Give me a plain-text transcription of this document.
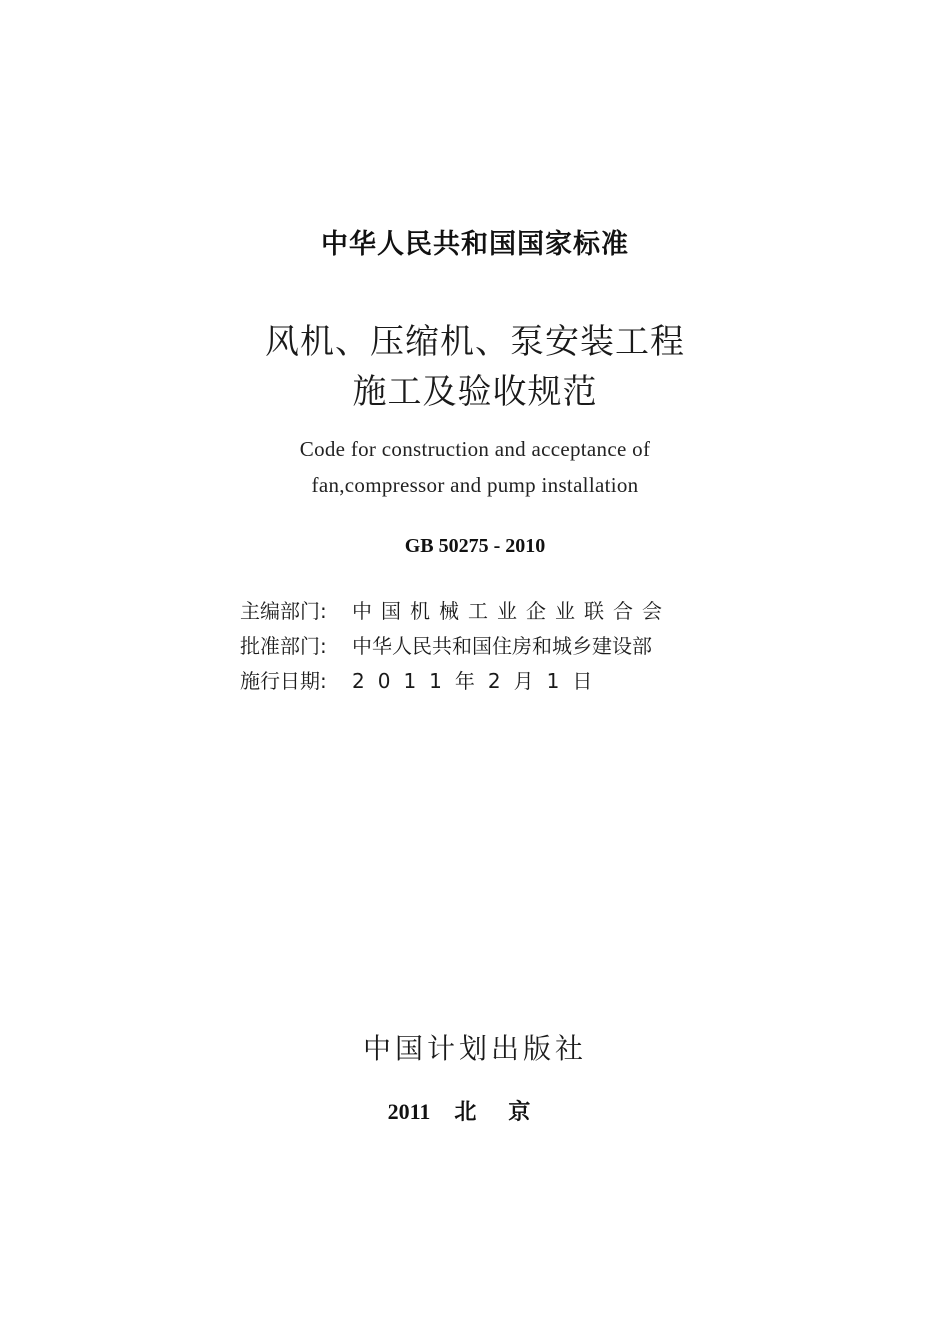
中华人民共和国国家标准
风机、压缩机、泵安装工程
施工及验收规范
Code for construction and acceptance of
fan,compressor and pump installation
GB 50275 - 2010
主编部门:	中国机械工业企业联合会
批准部门:	中华人民共和国住房和城乡建设部
施行日期:	2011年2月1日
中国计划出版社
2011 北京
